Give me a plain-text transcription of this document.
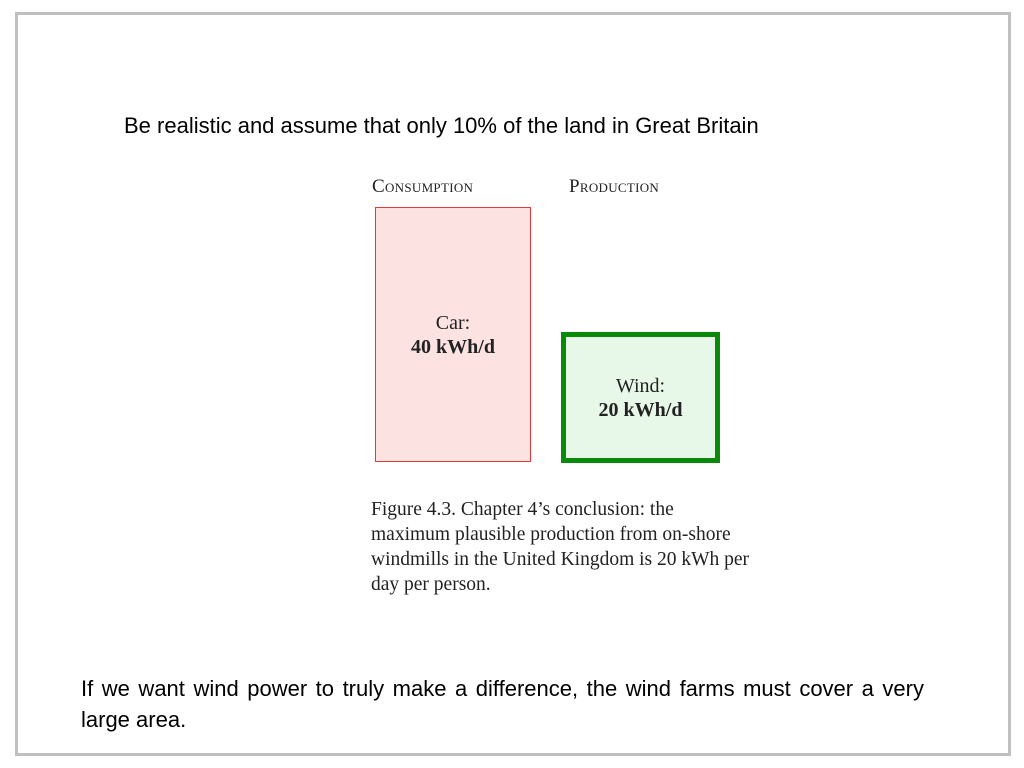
Be realistic and assume that only 10% of the land in Great Britain
Consumption	Production
Car:
40 kWh/d
Wind:
20 kWh/d
Figure 4.3. Chapter 4’s conclusion: the maximum plausible production from on-shore windmills in the United Kingdom is 20 kWh per day per person.
If we want wind power to truly make a difference, the wind farms must cover a very large area.
